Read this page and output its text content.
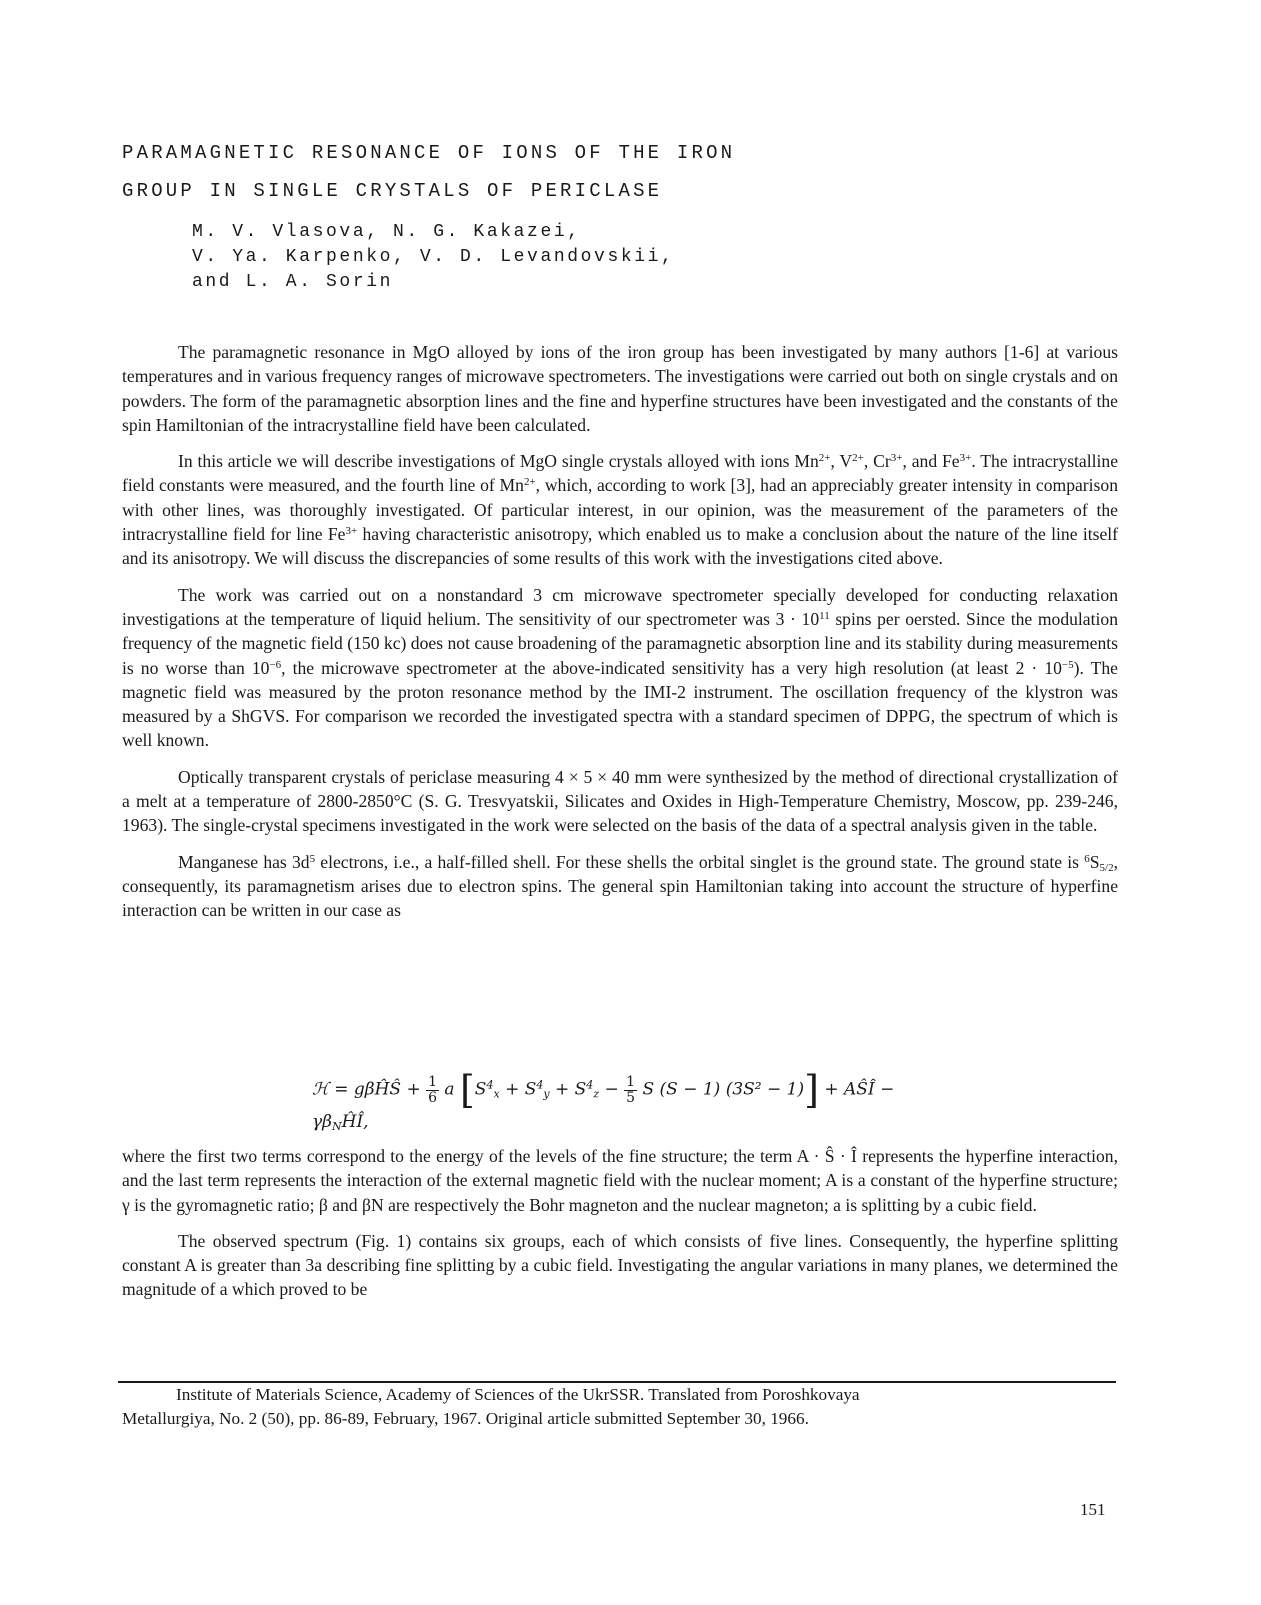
PARAMAGNETIC RESONANCE OF IONS OF THE IRON
GROUP IN SINGLE CRYSTALS OF PERICLASE
M. V. Vlasova, N. G. Kakazei,
V. Ya. Karpenko, V. D. Levandovskii,
and L. A. Sorin

The paramagnetic resonance in MgO alloyed by ions of the iron group has been investigated by many authors [1-6] at various temperatures and in various frequency ranges of microwave spectrometers. The investigations were carried out both on single crystals and on powders. The form of the paramagnetic absorption lines and the fine and hyperfine structures have been investigated and the constants of the spin Hamiltonian of the intracrystalline field have been calculated.

In this article we will describe investigations of MgO single crystals alloyed with ions $Mn^{2+}$, $V^{2+}$, $Cr^{3+}$, and $Fe^{3+}$. The intracrystalline field constants were measured, and the fourth line of $Mn^{2+}$, which, according to work [3], had an appreciably greater intensity in comparison with other lines, was thoroughly investigated. Of particular interest, in our opinion, was the measurement of the parameters of the intracrystalline field for line $Fe^{3+}$ having characteristic anisotropy, which enabled us to make a conclusion about the nature of the line itself and its anisotropy. We will discuss the discrepancies of some results of this work with the investigations cited above.

The work was carried out on a nonstandard 3 cm microwave spectrometer specially developed for conducting relaxation investigations at the temperature of liquid helium. The sensitivity of our spectrometer was $3 \cdot 10^{11}$ spins per oersted. Since the modulation frequency of the magnetic field (150 kc) does not cause broadening of the paramagnetic absorption line and its stability during measurements is no worse than $10^{-6}$, the microwave spectrometer at the above-indicated sensitivity has a very high resolution (at least $2 \cdot 10^{-5}$). The magnetic field was measured by the proton resonance method by the IMI-2 instrument. The oscillation frequency of the klystron was measured by a ShGVS. For comparison we recorded the investigated spectra with a standard specimen of DPPG, the spectrum of which is well known.

Optically transparent crystals of periclase measuring 4 × 5 × 40 mm were synthesized by the method of directional crystallization of a melt at a temperature of 2800-2850°C (S. G. Tresvyatskii, Silicates and Oxides in High-Temperature Chemistry, Moscow, pp. 239-246, 1963). The single-crystal specimens investigated in the work were selected on the basis of the data of a spectral analysis given in the table.

Manganese has $3d^5$ electrons, i.e., a half-filled shell. For these shells the orbital singlet is the ground state. The ground state is $^6S_{5/2}$, consequently, its paramagnetism arises due to electron spins. The general spin Hamiltonian taking into account the structure of hyperfine interaction can be written in our case as

ℋ = gβĤŜ + $\frac{1}{6}$ a [$S^4_x + S^4_y + S^4_z - \frac{1}{5}$ S (S − 1) (3S² − 1)] + AŜÎ − $\gamma\beta_NĤÎ$,

where the first two terms correspond to the energy of the levels of the fine structure; the term A · Ŝ · Î represents the hyperfine interaction, and the last term represents the interaction of the external magnetic field with the nuclear moment; A is a constant of the hyperfine structure; γ is the gyromagnetic ratio; β and βN are respectively the Bohr magneton and the nuclear magneton; a is splitting by a cubic field.

The observed spectrum (Fig. 1) contains six groups, each of which consists of five lines. Consequently, the hyperfine splitting constant A is greater than 3a describing fine splitting by a cubic field. Investigating the angular variations in many planes, we determined the magnitude of a which proved to be

Institute of Materials Science, Academy of Sciences of the UkrSSR. Translated from Poroshkovaya
Metallurgiya, No. 2 (50), pp. 86-89, February, 1967. Original article submitted September 30, 1966.
151
